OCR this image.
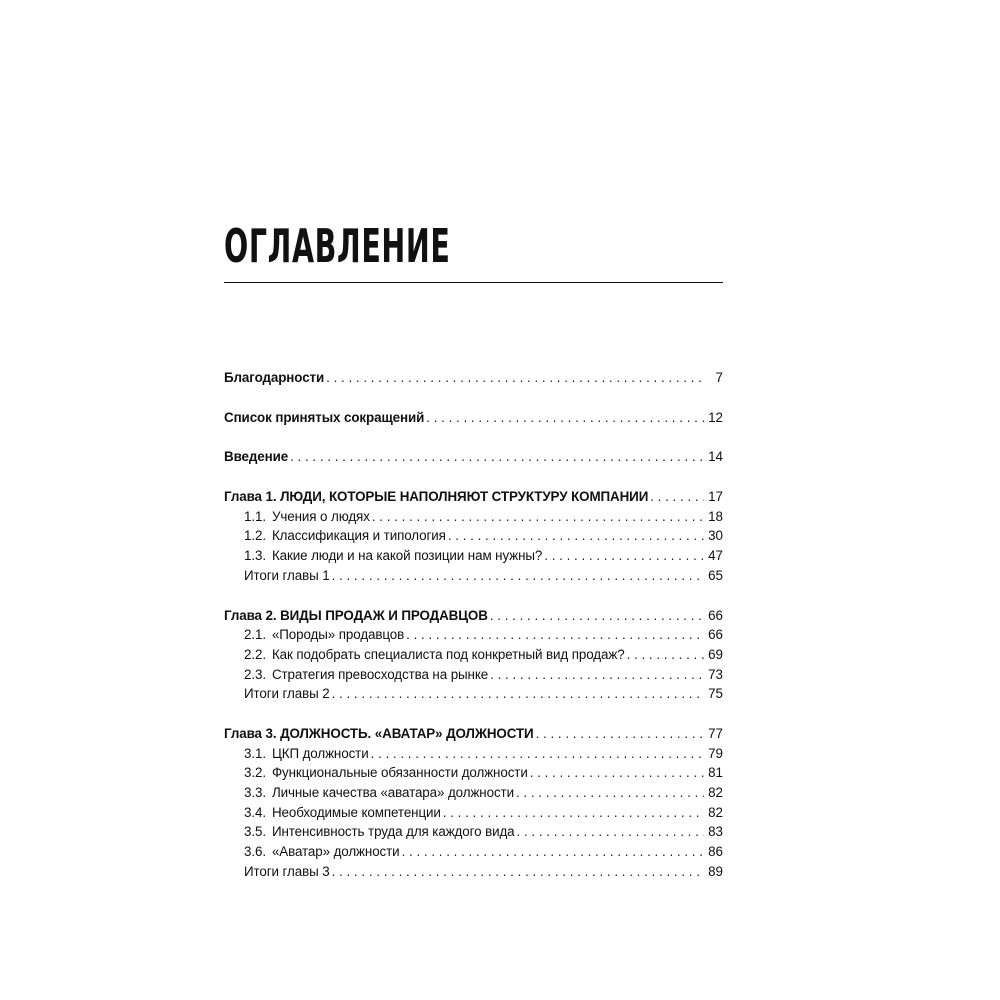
ОГЛАВЛЕНИЕ
Благодарности . . .	7
Список принятых сокращений . . .	12
Введение . . .	14
Глава 1. ЛЮДИ, КОТОРЫЕ НАПОЛНЯЮТ СТРУКТУРУ КОМПАНИИ . . .	17
1.1. Учения о людях . . .	18
1.2. Классификация и типология . . .	30
1.3. Какие люди и на какой позиции нам нужны? . . .	47
Итоги главы 1 . . .	65
Глава 2. ВИДЫ ПРОДАЖ И ПРОДАВЦОВ . . .	66
2.1. «Породы» продавцов . . .	66
2.2. Как подобрать специалиста под конкретный вид продаж? . . .	69
2.3. Стратегия превосходства на рынке . . .	73
Итоги главы 2 . . .	75
Глава 3. ДОЛЖНОСТЬ. «АВАТАР» ДОЛЖНОСТИ . . .	77
3.1. ЦКП должности . . .	79
3.2. Функциональные обязанности должности . . .	81
3.3. Личные качества «аватара» должности . . .	82
3.4. Необходимые компетенции . . .	82
3.5. Интенсивность труда для каждого вида . . .	83
3.6. «Аватар» должности . . .	86
Итоги главы 3 . . .	89
